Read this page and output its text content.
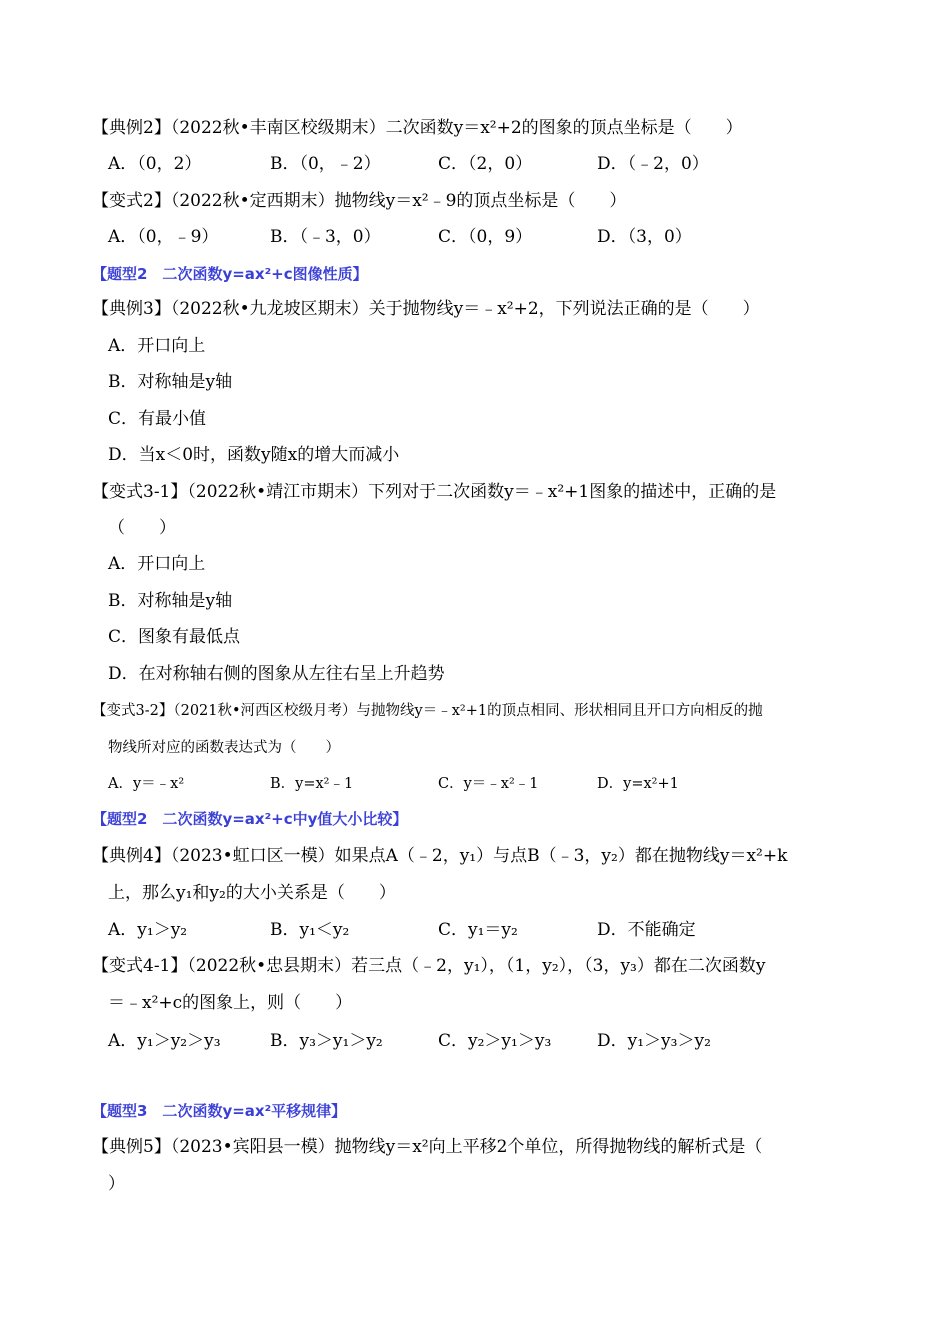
【典例2】（2022秋•丰南区校级期末）二次函数y＝x²+2的图象的顶点坐标是（　　）
A．（0，2）	B．（0，﹣2）	C．（2，0）	D．（﹣2，0）
【变式2】（2022秋•定西期末）抛物线y＝x²﹣9的顶点坐标是（　　）
A．（0，﹣9）	B．（﹣3，0）	C．（0，9）	D．（3，0）
【题型2　二次函数y=ax²+c图像性质】
【典例3】（2022秋•九龙坡区期末）关于抛物线y＝﹣x²+2，下列说法正确的是（　　）
A．开口向上
B．对称轴是y轴
C．有最小值
D．当x＜0时，函数y随x的增大而减小
【变式3-1】（2022秋•靖江市期末）下列对于二次函数y＝﹣x²+1图象的描述中，正确的是
（　　）
A．开口向上
B．对称轴是y轴
C．图象有最低点
D．在对称轴右侧的图象从左往右呈上升趋势
【变式3-2】（2021秋•河西区校级月考）与抛物线y＝﹣x²+1的顶点相同、形状相同且开口方向相反的抛
物线所对应的函数表达式为（　　）
A．y＝﹣x²	B．y=x²﹣1	C．y＝﹣x²﹣1	D．y=x²+1
【题型2　二次函数y=ax²+c中y值大小比较】
【典例4】（2023•虹口区一模）如果点A（﹣2，y₁）与点B（﹣3，y₂）都在抛物线y＝x²+k
上，那么y₁和y₂的大小关系是（　　）
A．y₁＞y₂	B．y₁＜y₂	C．y₁＝y₂	D．不能确定
【变式4-1】（2022秋•忠县期末）若三点（﹣2，y₁），（1，y₂），（3，y₃）都在二次函数y
＝﹣x²+c的图象上，则（　　）
A．y₁＞y₂＞y₃	B．y₃＞y₁＞y₂	C．y₂＞y₁＞y₃	D．y₁＞y₃＞y₂
【题型3　二次函数y=ax²平移规律】
【典例5】（2023•宾阳县一模）抛物线y＝x²向上平移2个单位，所得抛物线的解析式是（
）
